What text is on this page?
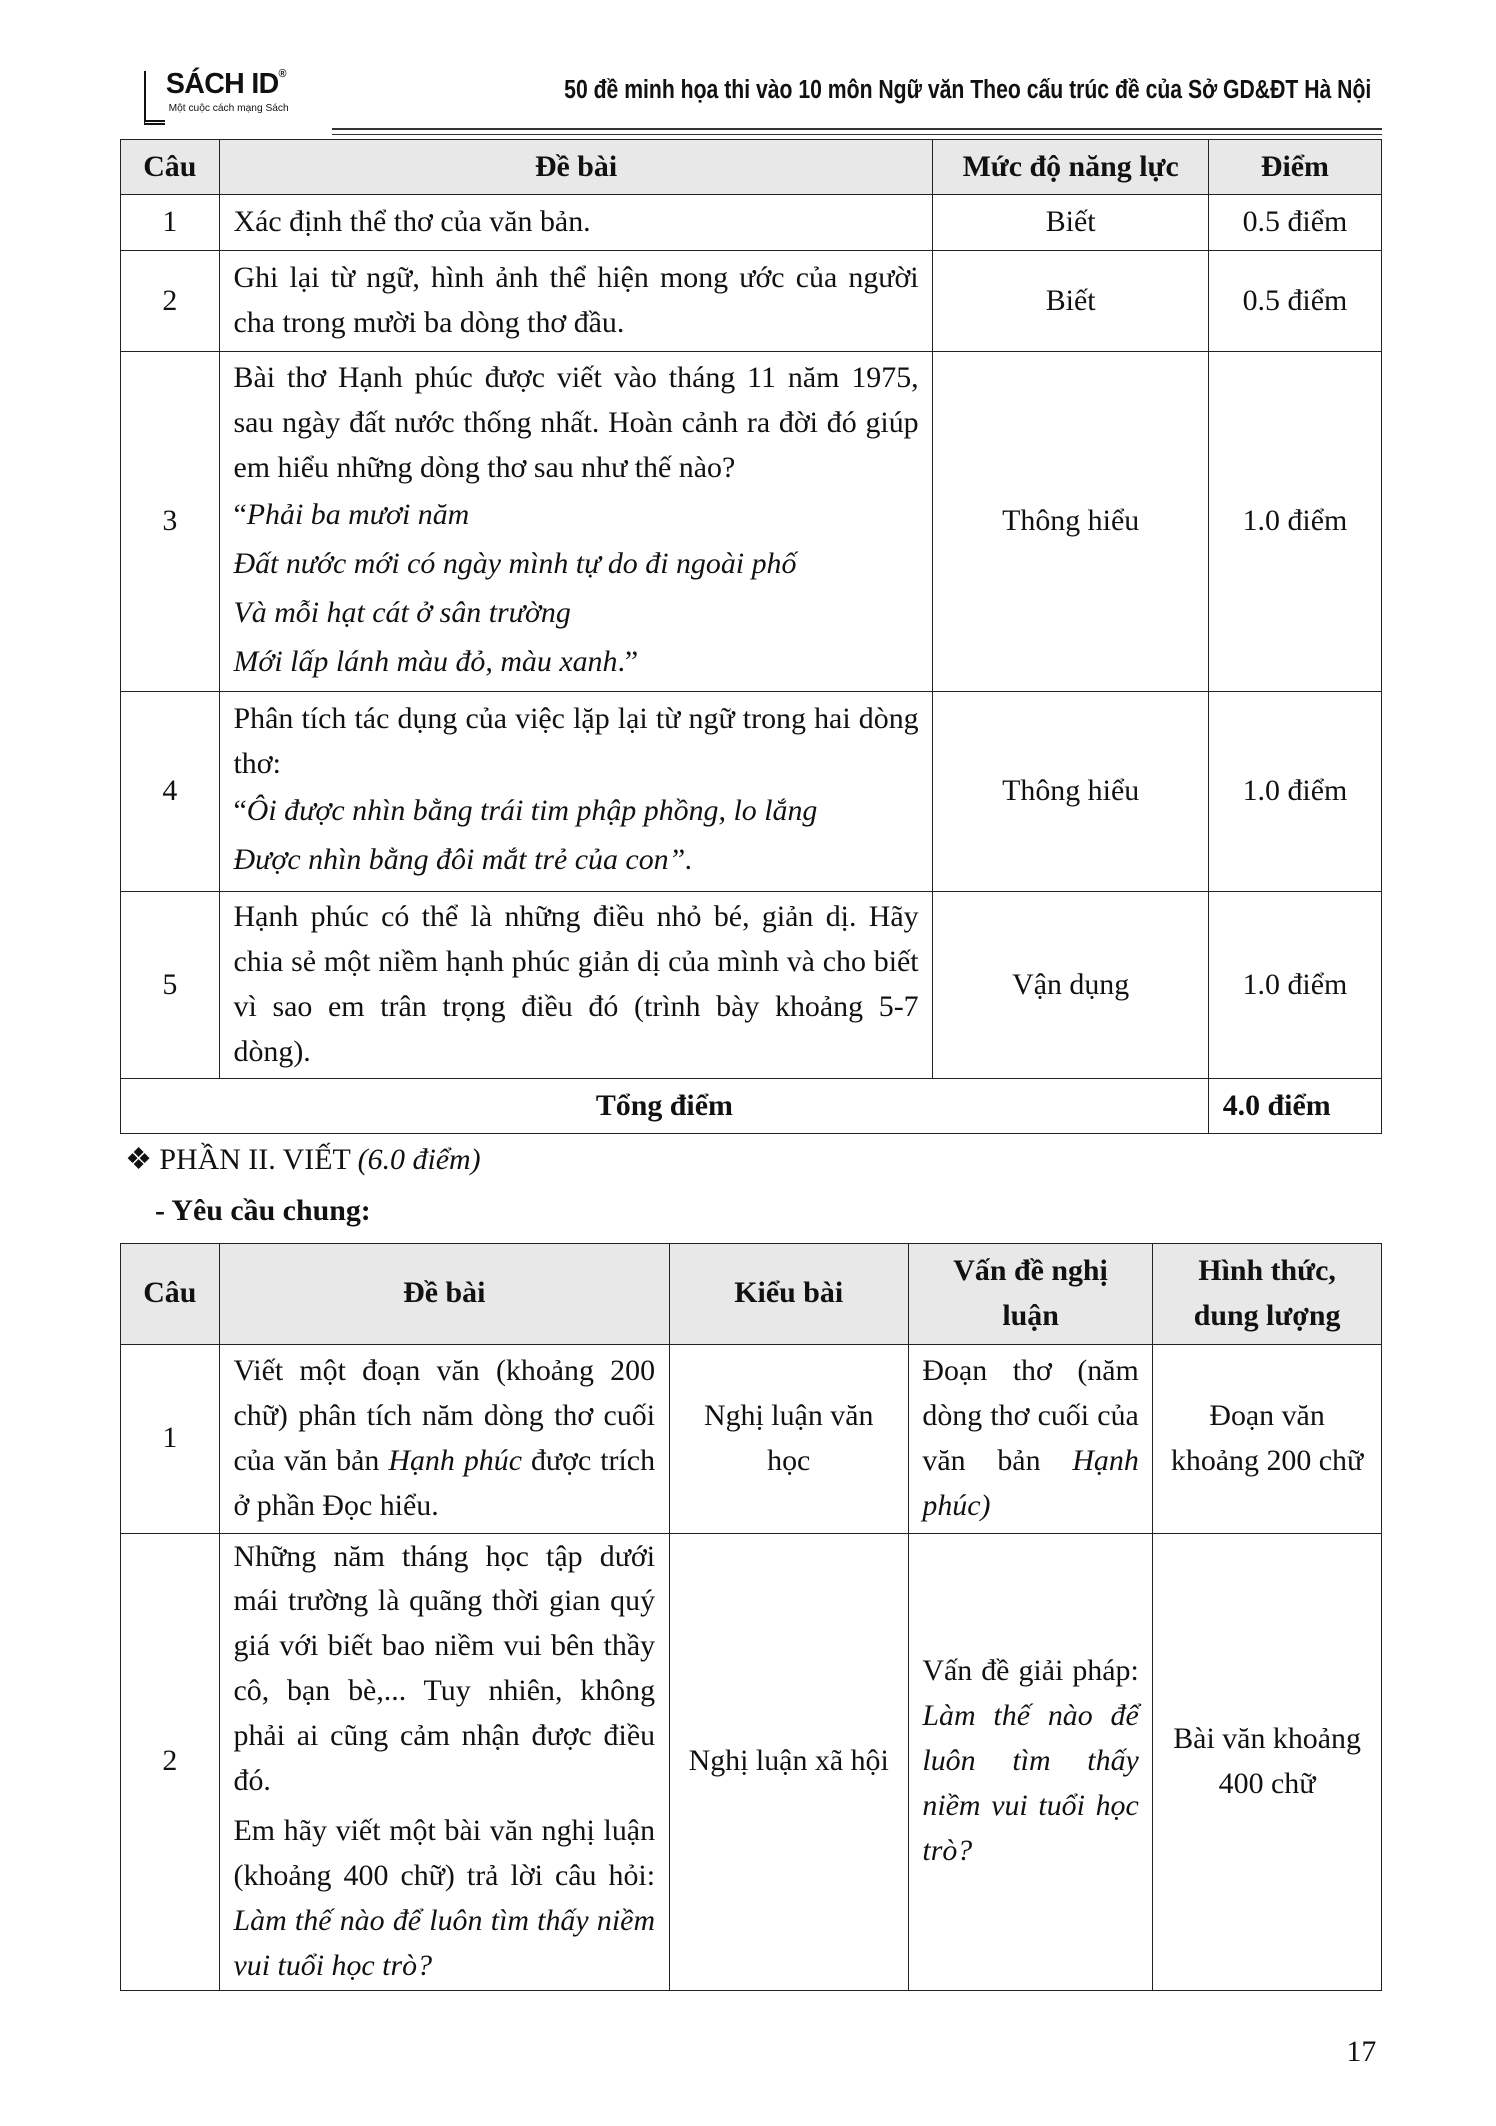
SÁCH ID®
Một cuộc cách mạng Sách
50 đề minh họa thi vào 10 môn Ngữ văn Theo cấu trúc đề của Sở GD&ĐT Hà Nội
Câu	Đề bài	Mức độ năng lực	Điểm
1	Xác định thể thơ của văn bản.	Biết	0.5 điểm
2	Ghi lại từ ngữ, hình ảnh thể hiện mong ước của người cha trong mười ba dòng thơ đầu.	Biết	0.5 điểm
3	Bài thơ Hạnh phúc được viết vào tháng 11 năm 1975, sau ngày đất nước thống nhất. Hoàn cảnh ra đời đó giúp em hiểu những dòng thơ sau như thế nào?

“Phải ba mươi năm
Đất nước mới có ngày mình tự do đi ngoài phố
Và mỗi hạt cát ở sân trường
Mới lấp lánh màu đỏ, màu xanh.”	Thông hiểu	1.0 điểm
4	Phân tích tác dụng của việc lặp lại từ ngữ trong hai dòng thơ:

“Ôi được nhìn bằng trái tim phập phồng, lo lắng
Được nhìn bằng đôi mắt trẻ của con”.	Thông hiểu	1.0 điểm
5	Hạnh phúc có thể là những điều nhỏ bé, giản dị. Hãy chia sẻ một niềm hạnh phúc giản dị của mình và cho biết vì sao em trân trọng điều đó (trình bày khoảng 5-7 dòng).	Vận dụng	1.0 điểm
Tổng điểm			4.0 điểm
❖ PHẦN II. VIẾT (6.0 điểm)
- Yêu cầu chung:
Câu	Đề bài	Kiểu bài	Vấn đề nghị luận	Hình thức, dung lượng
1	Viết một đoạn văn (khoảng 200 chữ) phân tích năm dòng thơ cuối của văn bản Hạnh phúc được trích ở phần Đọc hiểu.	Nghị luận văn học	Đoạn thơ (năm dòng thơ cuối của văn bản Hạnh phúc)	Đoạn văn khoảng 200 chữ
2	Những năm tháng học tập dưới mái trường là quãng thời gian quý giá với biết bao niềm vui bên thầy cô, bạn bè,... Tuy nhiên, không phải ai cũng cảm nhận được điều đó.

Em hãy viết một bài văn nghị luận (khoảng 400 chữ) trả lời câu hỏi: Làm thế nào để luôn tìm thấy niềm vui tuổi học trò?	Nghị luận xã hội	Vấn đề giải pháp: Làm thế nào để luôn tìm thấy niềm vui tuổi học trò?	Bài văn khoảng 400 chữ
17
